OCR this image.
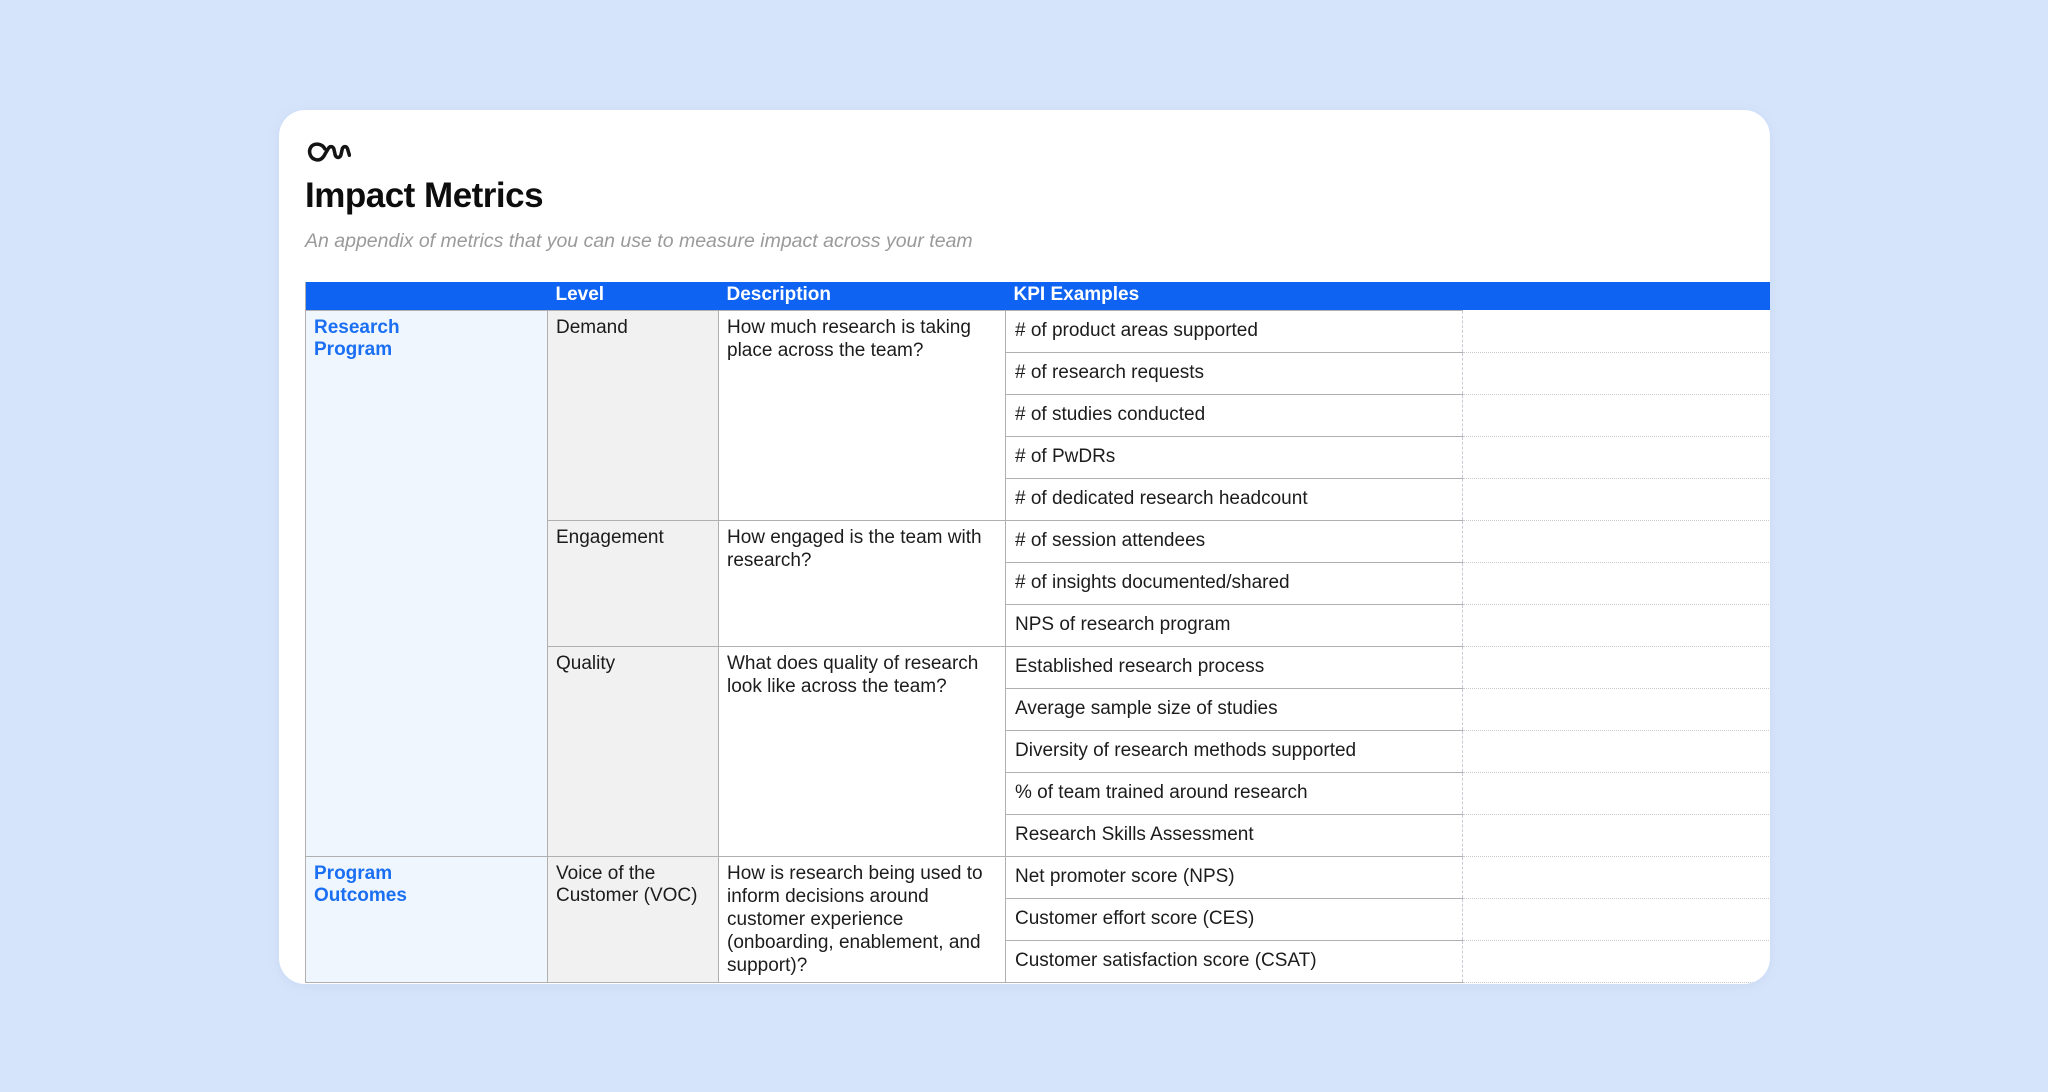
Impact Metrics

An appendix of metrics that you can use to measure impact across your team

	Level	Description	KPI Examples	

Research Program	Demand	How much research is taking place across the team?	# of product areas supported	
			# of research requests	
			# of studies conducted	
			# of PwDRs	
			# of dedicated research headcount	
	Engagement	How engaged is the team with research?	# of session attendees	
			# of insights documented/shared	
			NPS of research program	
	Quality	What does quality of research look like across the team?	Established research process	
			Average sample size of studies	
			Diversity of research methods supported	
			% of team trained around research	
			Research Skills Assessment	

Program Outcomes	Voice of the Customer (VOC)	How is research being used to inform decisions around customer experience (onboarding, enablement, and support)?	Net promoter score (NPS)	
			Customer effort score (CES)	
			Customer satisfaction score (CSAT)	
